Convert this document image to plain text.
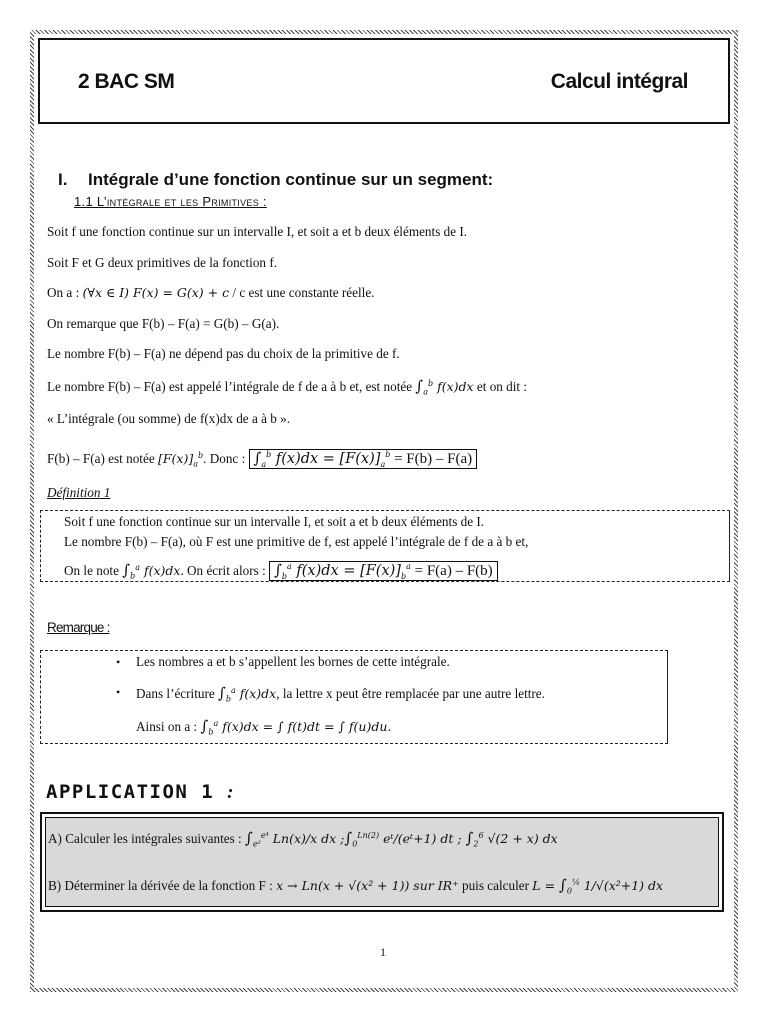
2 BAC SM	Calcul intégral
I. Intégrale d’une fonction continue sur un segment:
1.1 L’intégrale et les Primitives :
Soit f une fonction continue sur un intervalle I, et soit a et b deux éléments de I.
Soit F et G deux primitives de la fonction f.
On a : (∀x ∈ I) F(x) = G(x) + c / c est une constante réelle.
On remarque que F(b) – F(a) = G(b) – G(a).
Le nombre F(b) – F(a) ne dépend pas du choix de la primitive de f.
Le nombre F(b) – F(a) est appelé l’intégrale de f de a à b et, est notée $\int_a^b$ f(x)dx et on dit :
« L’intégrale (ou somme) de f(x)dx de a à b ».
F(b) – F(a) est notée $[F(x)]_a^b$. Donc : $\int_a^b$ $f(x)dx = [F(x)]_a^b = F(b) - F(a)$
Définition 1
Soit f une fonction continue sur un intervalle I, et soit a et b deux éléments de I.
Le nombre F(b) – F(a), où F est une primitive de f, est appelé l’intégrale de f de a à b et,
On le note $\int_b^a$ f(x)dx. On écrit alors : $\int_b^a$ $f(x)dx = [F(x)]_b^a = F(a) - F(b)$
Remarque :
• Les nombres a et b s’appellent les bornes de cette intégrale.
• Dans l’écriture $\int_b^a$ f(x)dx, la lettre x peut être remplacée par une autre lettre.
Ainsi on a : $\int_b^a$ f(x)dx = ∫ f(t)dt = ∫ f(u)du.
APPLICATION 1 :
A) Calculer les intégrales suivantes : $\int_{e^2}^{e^4}$ Ln(x)/x dx $;\int_0^{Ln(2)}$ eᵗ/(eᵗ+1) dt ; $\int_2^6$ √(2 + x) dx
B) Déterminer la dérivée de la fonction F : x → Ln(x + √(x² + 1)) sur IR⁺ puis calculer $L = \int_0^{\frac{1}{4}}$ 1/√(x²+1) dx
1
